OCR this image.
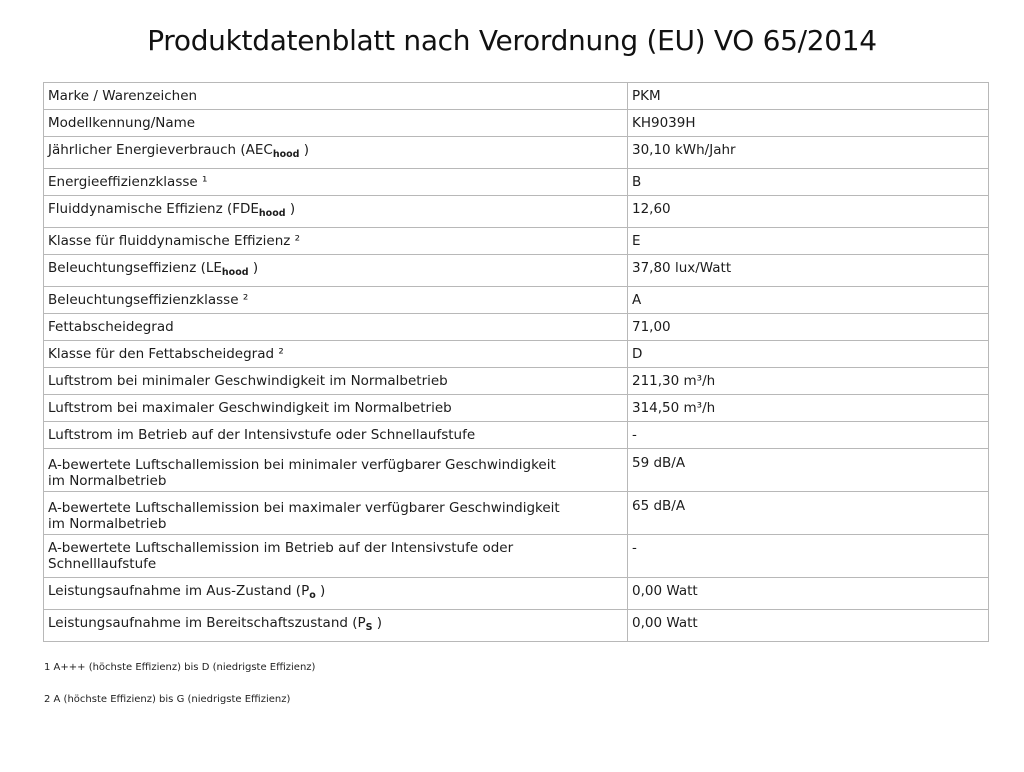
Produktdatenblatt nach Verordnung (EU) VO 65/2014
Marke / Warenzeichen	PKM
Modellkennung/Name	KH9039H
Jährlicher Energieverbrauch ($AEC_{hood}$ )	30,10 kWh/Jahr
Energieeffizienzklasse ¹	B
Fluiddynamische Effizienz ($FDE_{hood}$ )	12,60
Klasse für fluiddynamische Effizienz ²	E
Beleuchtungseffizienz ($LE_{hood}$ )	37,80 lux/Watt
Beleuchtungseffizienzklasse ²	A
Fettabscheidegrad	71,00
Klasse für den Fettabscheidegrad ²	D
Luftstrom bei minimaler Geschwindigkeit im Normalbetrieb	211,30 m³/h
Luftstrom bei maximaler Geschwindigkeit im Normalbetrieb	314,50 m³/h
Luftstrom im Betrieb auf der Intensivstufe oder Schnellaufstufe	-
A-bewertete Luftschallemission bei minimaler verfügbarer Geschwindigkeit
im Normalbetrieb	59 dB/A
A-bewertete Luftschallemission bei maximaler verfügbarer Geschwindigkeit
im Normalbetrieb	65 dB/A
A-bewertete Luftschallemission im Betrieb auf der Intensivstufe oder Schnelllaufstufe	-
Leistungsaufnahme im Aus-Zustand ($P_o$ )	0,00 Watt
Leistungsaufnahme im Bereitschaftszustand ($P_S$ )	0,00 Watt

1 A+++ (höchste Effizienz) bis D (niedrigste Effizienz)

2 A (höchste Effizienz) bis G (niedrigste Effizienz)
